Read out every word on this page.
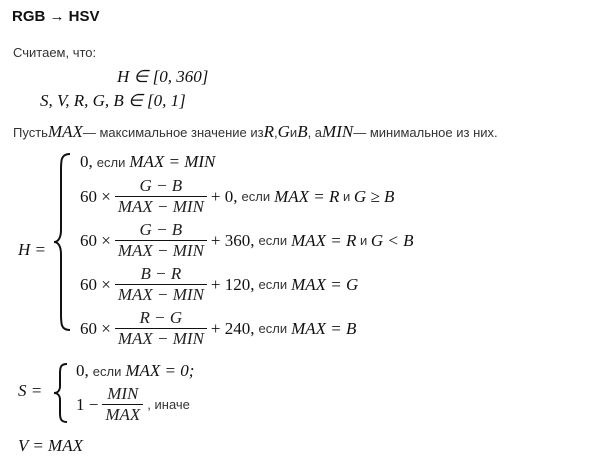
RGB → HSV
Считаем, что:
H ∈ [0, 360]
S, V, R, G, B ∈ [0, 1]
Пусть MAX — максимальное значение из R , G и B , а MIN — минимальное из них.
H =
0, если MAX = MIN
$60 \times \frac{G - B}{\text{MAX − MIN}} + 0$, если MAX = R и G ≥ B
$60 \times \frac{G - B}{\text{MAX − MIN}} + 360$, если MAX = R и G < B
$60 \times \frac{B - R}{\text{MAX − MIN}} + 120$, если MAX = G
$60 \times \frac{R - G}{\text{MAX − MIN}} + 240$, если MAX = B
S =
0, если MAX = 0;
$1 - \frac{\text{MIN}}{\text{MAX}}$ , иначе
V = MAX
